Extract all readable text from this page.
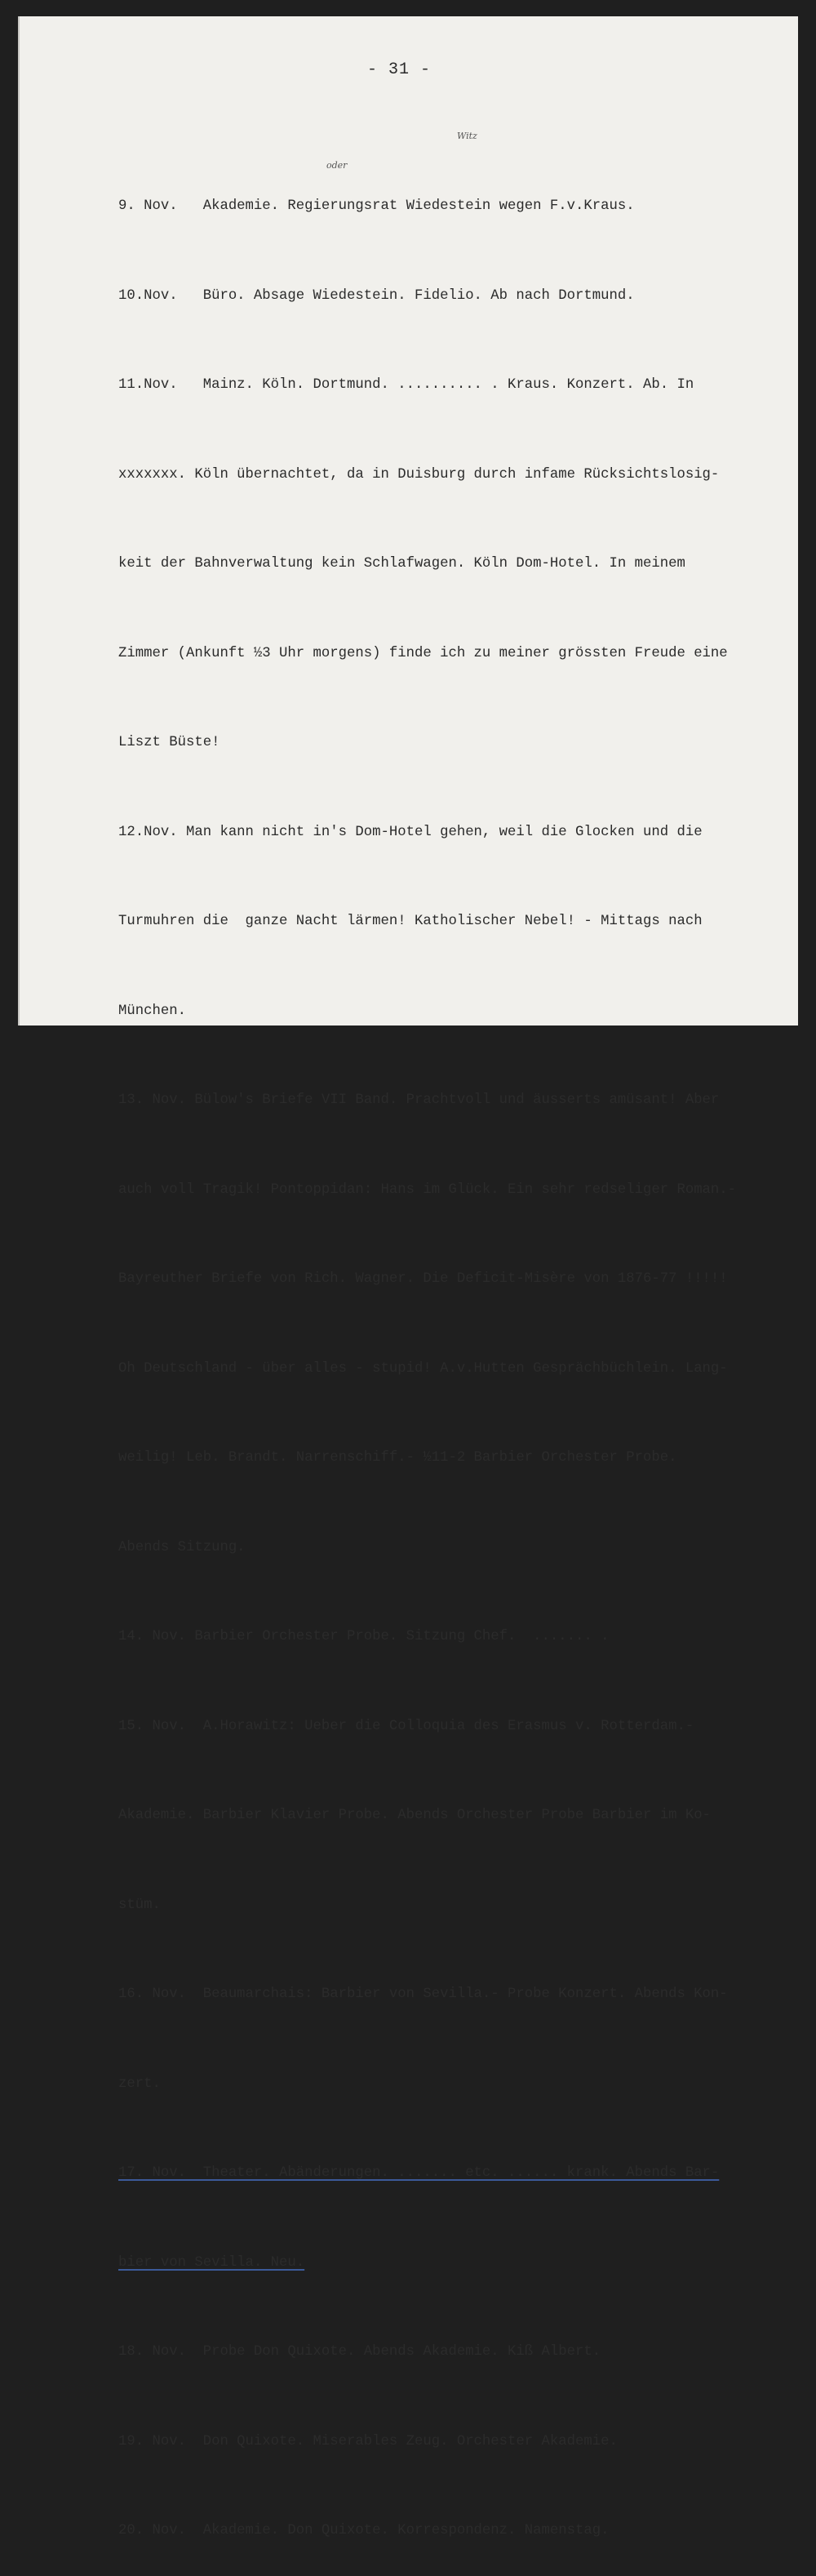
- 31 -
Witz
oder

9. Nov.   Akademie. Regierungsrat Wiedestein wegen F.v.Kraus.

10.Nov.   Büro. Absage Wiedestein. Fidelio. Ab nach Dortmund.

11.Nov.   Mainz. Köln. Dortmund. .......... . Kraus. Konzert. Ab. In

xxxxxxx. Köln übernachtet, da in Duisburg durch infame Rücksichtslosig-

keit der Bahnverwaltung kein Schlafwagen. Köln Dom-Hotel. In meinem

Zimmer (Ankunft ½3 Uhr morgens) finde ich zu meiner grössten Freude eine

Liszt Büste!

12.Nov. Man kann nicht in's Dom-Hotel gehen, weil die Glocken und die

Turmuhren die  ganze Nacht lärmen! Katholischer Nebel! - Mittags nach

München.

13. Nov. Bülow's Briefe VII Band. Prachtvoll und äusserts amüsant! Aber

auch voll Tragik! Pontoppidan: Hans im Glück. Ein sehr redseliger Roman.-

Bayreuther Briefe von Rich. Wagner. Die Deficit-Misère von 1876-77 !!!!!

Oh Deutschland - über alles - stupid! A.v.Hutten Gesprächbüchlein. Lang-

weilig! Leb. Brandt. Narrenschiff.- ½11-2 Barbier Orchester Probe.

Abends Sitzung.

14. Nov. Barbier Orchester Probe. Sitzung Chef.  ....... .

15. Nov.  A.Horawitz: Ueber die Colloquia des Erasmus v. Rotterdam.-

Akademie. Barbier Klavier Probe. Abends Orchester Probe Barbier im Ko-

stüm.

16. Nov.  Beaumarchais: Barbier von Sevilla.- Probe Konzert. Abends Kon-

zert.

17. Nov.  Theater. Abänderungen. ....... etc. ...... krank. Abends Bar-

bier von Sevilla. Neu.

18. Nov.  Probe Don Quixote. Abends Akademie. Kiß Albert.

19. Nov.  Don Quixote. Miserables Zeug. Orchester Akademie.

20. Nov.  Akademie. Don Quixote. Korrespondenz. Namenstag.
